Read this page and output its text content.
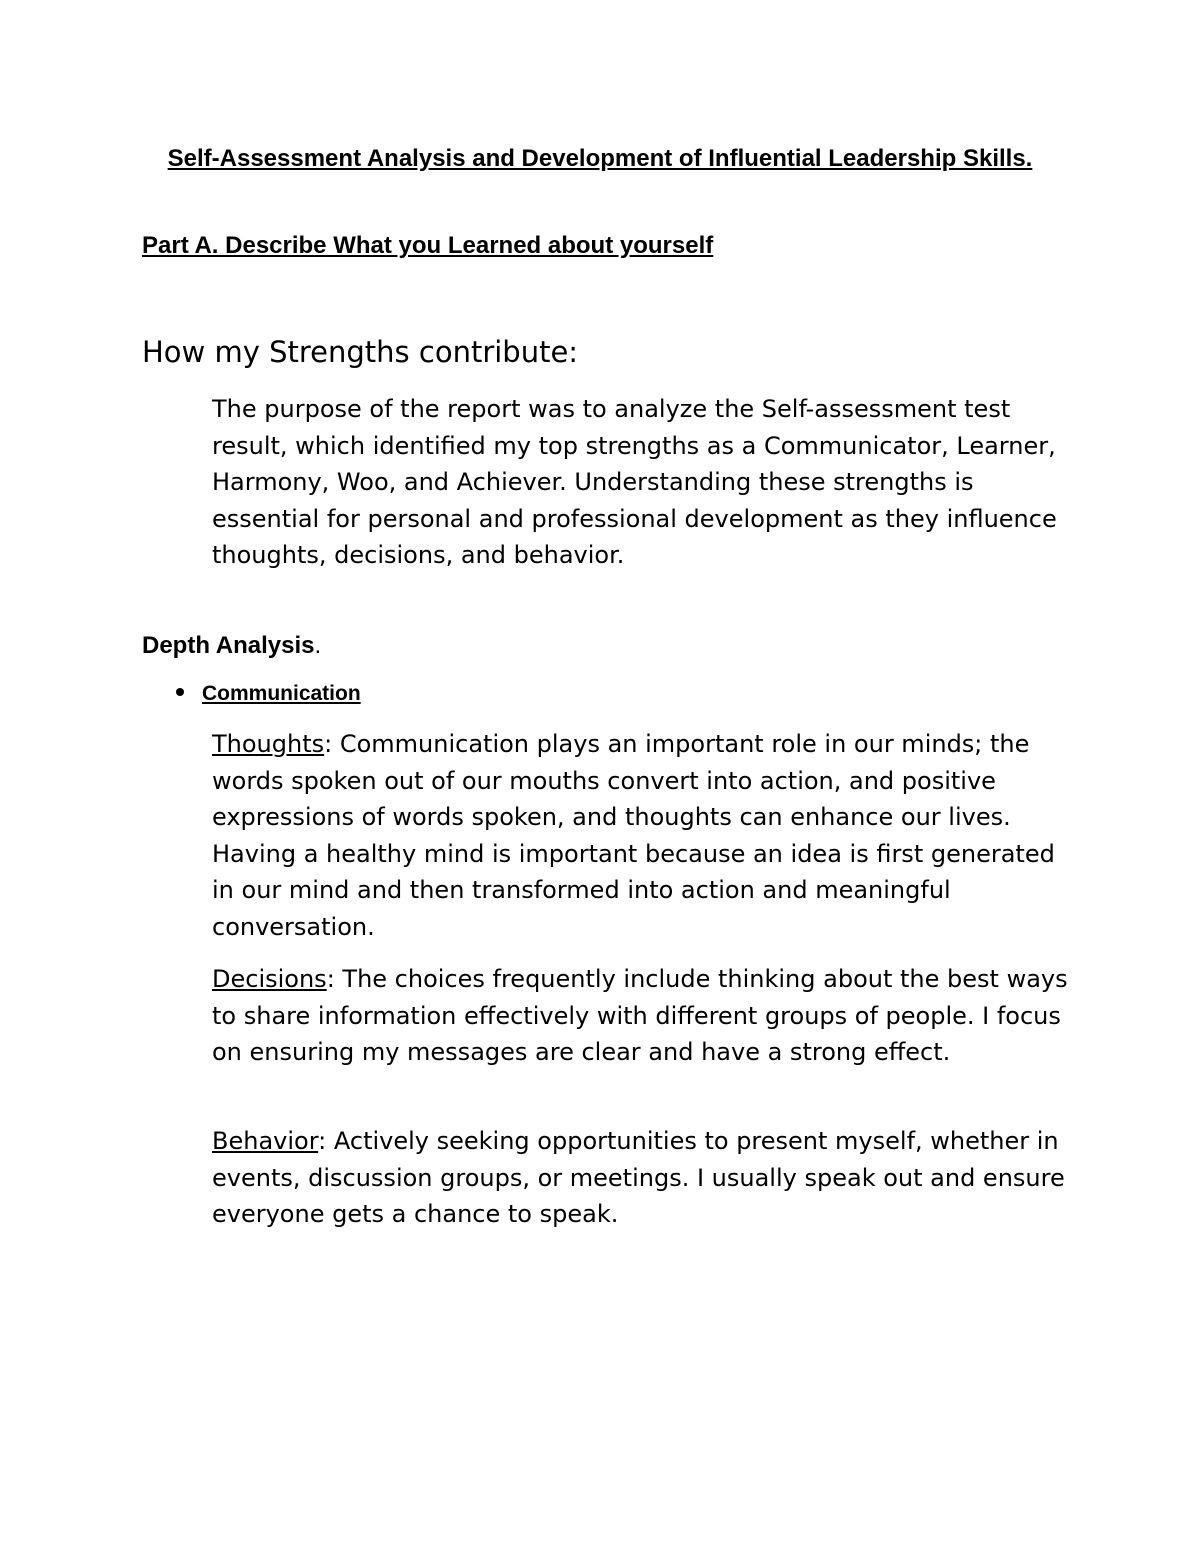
Self-Assessment Analysis and Development of Influential Leadership Skills.
Part A. Describe What you Learned about yourself
How my Strengths contribute:

The purpose of the report was to analyze the Self-assessment test result, which identified my top strengths as a Communicator, Learner, Harmony, Woo, and Achiever. Understanding these strengths is essential for personal and professional development as they influence thoughts, decisions, and behavior.

Depth Analysis.

Communication

Thoughts: Communication plays an important role in our minds; the words spoken out of our mouths convert into action, and positive expressions of words spoken, and thoughts can enhance our lives. Having a healthy mind is important because an idea is first generated in our mind and then transformed into action and meaningful conversation.

Decisions: The choices frequently include thinking about the best ways to share information effectively with different groups of people. I focus on ensuring my messages are clear and have a strong effect.

Behavior: Actively seeking opportunities to present myself, whether in events, discussion groups, or meetings. I usually speak out and ensure everyone gets a chance to speak.
